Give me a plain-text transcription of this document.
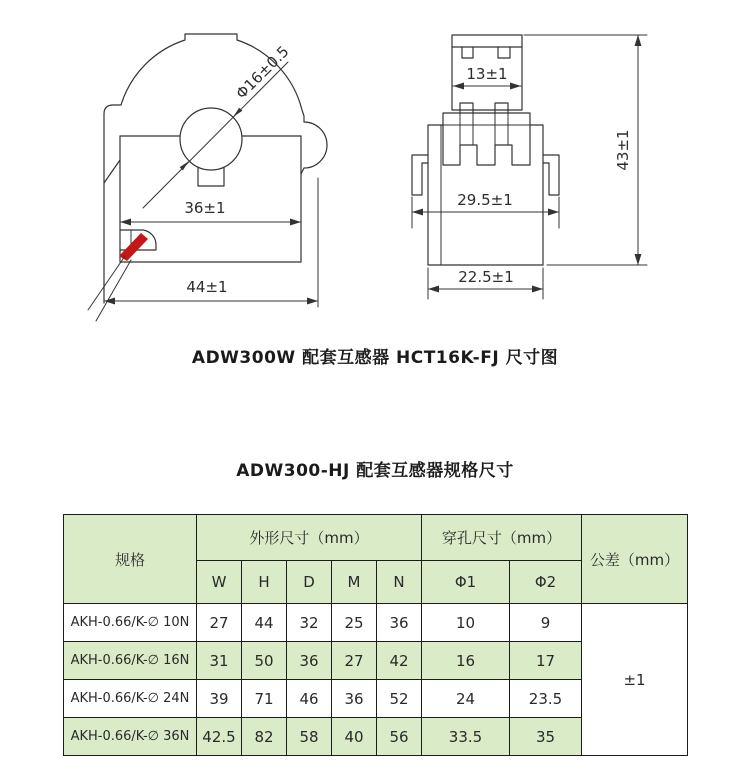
Φ16±0.5
36±1
44±1
13±1
29.5±1
22.5±1
43±1
ADW300W 配套互感器 HCT16K-FJ 尺寸图
ADW300-HJ 配套互感器规格尺寸
规格	外形尺寸（mm）					穿孔尺寸（mm）		公差（mm）
	W	H	D	M	N	Φ1	Φ2	
AKH-0.66/K-∅ 10N	27	44	32	25	36	10	9	±1
AKH-0.66/K-∅ 16N	31	50	36	27	42	16	17	
AKH-0.66/K-∅ 24N	39	71	46	36	52	24	23.5	
AKH-0.66/K-∅ 36N	42.5	82	58	40	56	33.5	35	
